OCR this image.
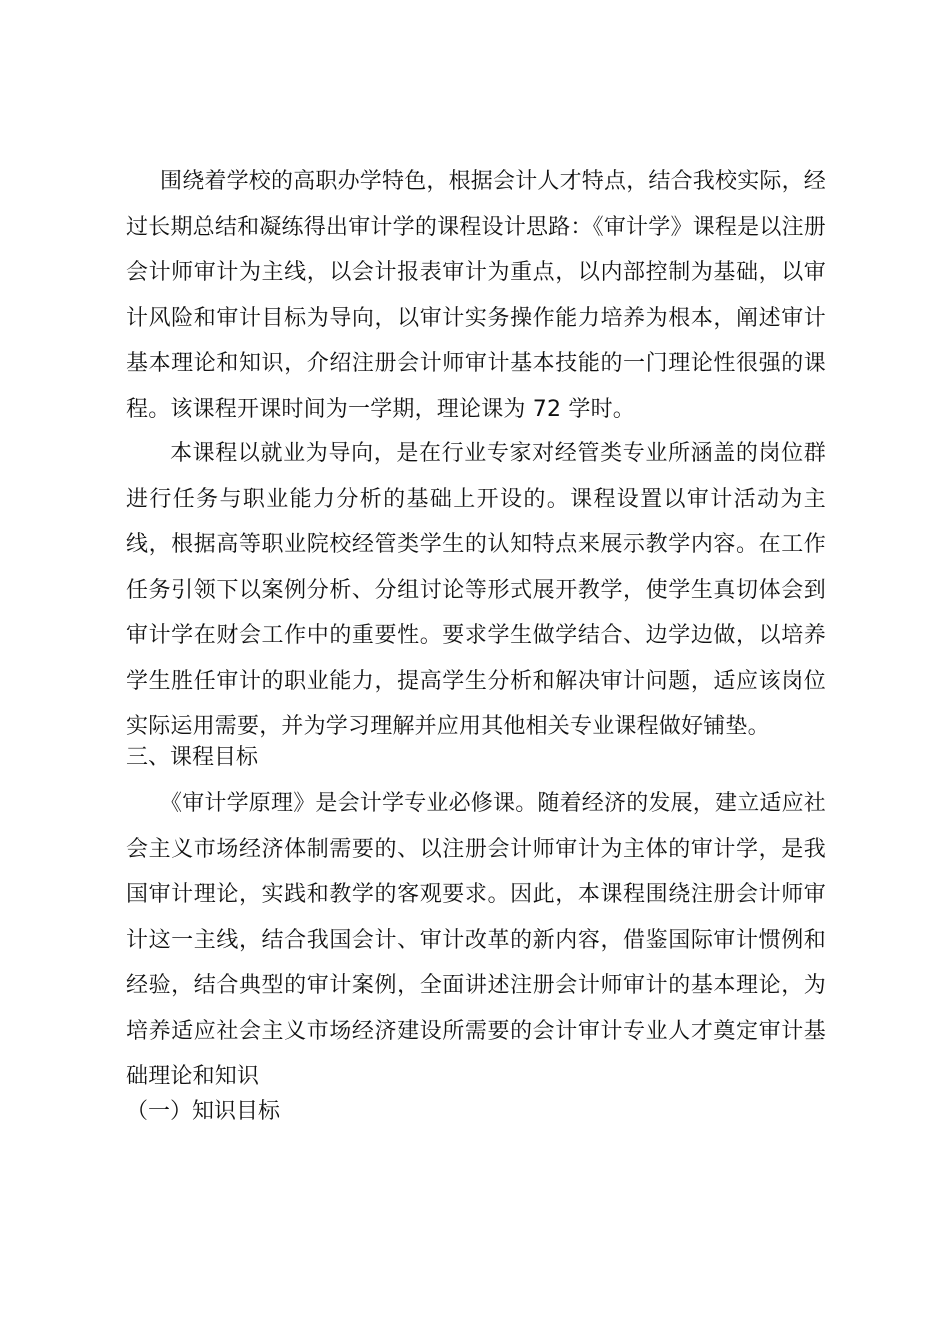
围绕着学校的高职办学特色，根据会计人才特点，结合我校实际，经过长期总结和凝练得出审计学的课程设计思路：《审计学》课程是以注册会计师审计为主线，以会计报表审计为重点，以内部控制为基础，以审计风险和审计目标为导向，以审计实务操作能力培养为根本，阐述审计基本理论和知识，介绍注册会计师审计基本技能的一门理论性很强的课程。该课程开课时间为一学期，理论课为 72 学时。

本课程以就业为导向，是在行业专家对经管类专业所涵盖的岗位群进行任务与职业能力分析的基础上开设的。课程设置以审计活动为主线，根据高等职业院校经管类学生的认知特点来展示教学内容。在工作任务引领下以案例分析、分组讨论等形式展开教学，使学生真切体会到审计学在财会工作中的重要性。要求学生做学结合、边学边做，以培养学生胜任审计的职业能力，提高学生分析和解决审计问题，适应该岗位实际运用需要，并为学习理解并应用其他相关专业课程做好铺垫。

三、课程目标

《审计学原理》是会计学专业必修课。随着经济的发展，建立适应社会主义市场经济体制需要的、以注册会计师审计为主体的审计学，是我国审计理论，实践和教学的客观要求。因此，本课程围绕注册会计师审计这一主线，结合我国会计、审计改革的新内容，借鉴国际审计惯例和经验，结合典型的审计案例，全面讲述注册会计师审计的基本理论，为培养适应社会主义市场经济建设所需要的会计审计专业人才奠定审计基础理论和知识

（一）知识目标
